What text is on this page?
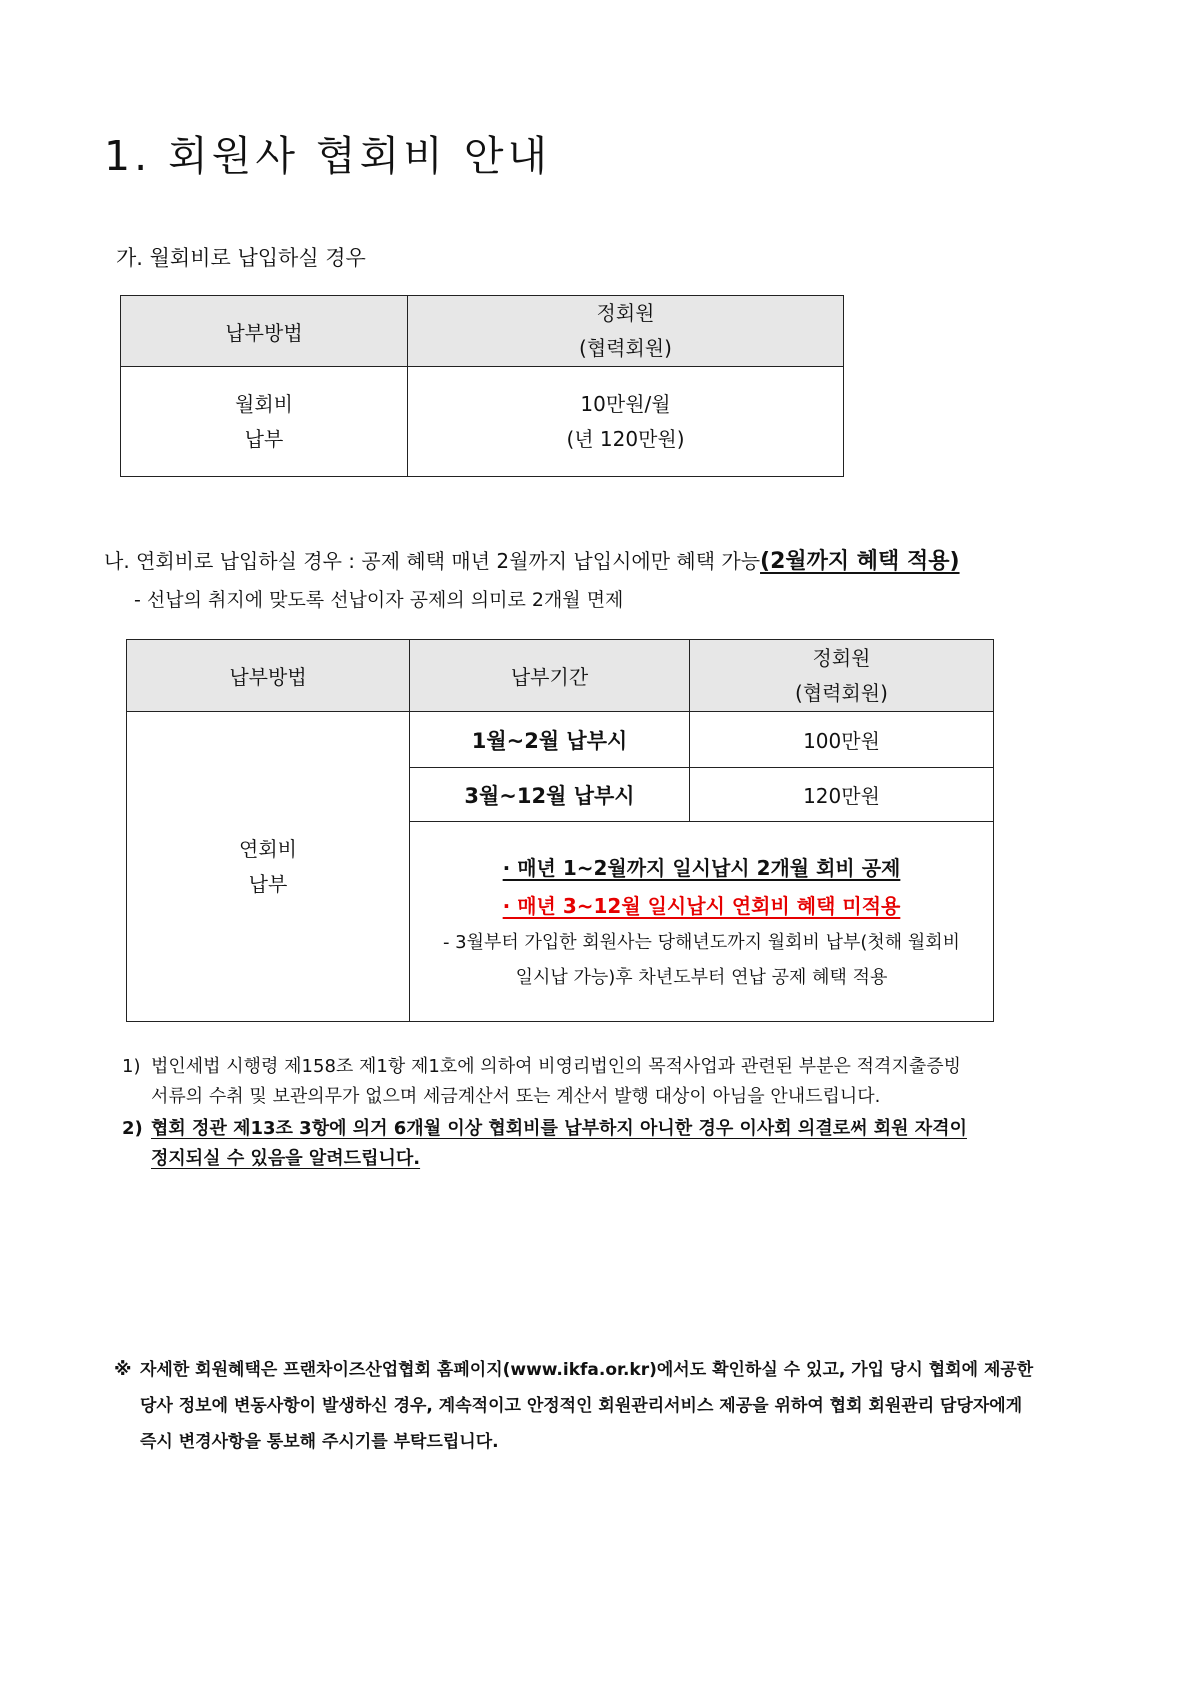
1. 회원사 협회비 안내
가. 월회비로 납입하실 경우
납부방법	정회원
(협력회원)

월회비
납부	10만원/월
(년 120만원)
나. 연회비로 납입하실 경우 : 공제 혜택 매년 2월까지 납입시에만 혜택 가능(2월까지 혜택 적용)
- 선납의 취지에 맞도록 선납이자 공제의 의미로 2개월 면제
납부방법	납부기간	정회원
(협력회원)

연회비
납부	1월~2월 납부시	100만원
	3월~12월 납부시	120만원

	· 매년 1~2월까지 일시납시 2개월 회비 공제
· 매년 3~12월 일시납시 연회비 혜택 미적용
- 3월부터 가입한 회원사는 당해년도까지 월회비 납부(첫해 월회비
일시납 가능)후 차년도부터 연납 공제 혜택 적용	
1) 법인세법 시행령 제158조 제1항 제1호에 의하여 비영리법인의 목적사업과 관련된 부분은 적격지출증빙
서류의 수취 및 보관의무가 없으며 세금계산서 또는 계산서 발행 대상이 아님을 안내드립니다.
2) 협회 정관 제13조 3항에 의거 6개월 이상 협회비를 납부하지 아니한 경우 이사회 의결로써 회원 자격이
정지되실 수 있음을 알려드립니다.
※ 자세한 회원혜택은 프랜차이즈산업협회 홈페이지(www.ikfa.or.kr)에서도 확인하실 수 있고, 가입 당시 협회에 제공한
당사 정보에 변동사항이 발생하신 경우, 계속적이고 안정적인 회원관리서비스 제공을 위하여 협회 회원관리 담당자에게
즉시 변경사항을 통보해 주시기를 부탁드립니다.
